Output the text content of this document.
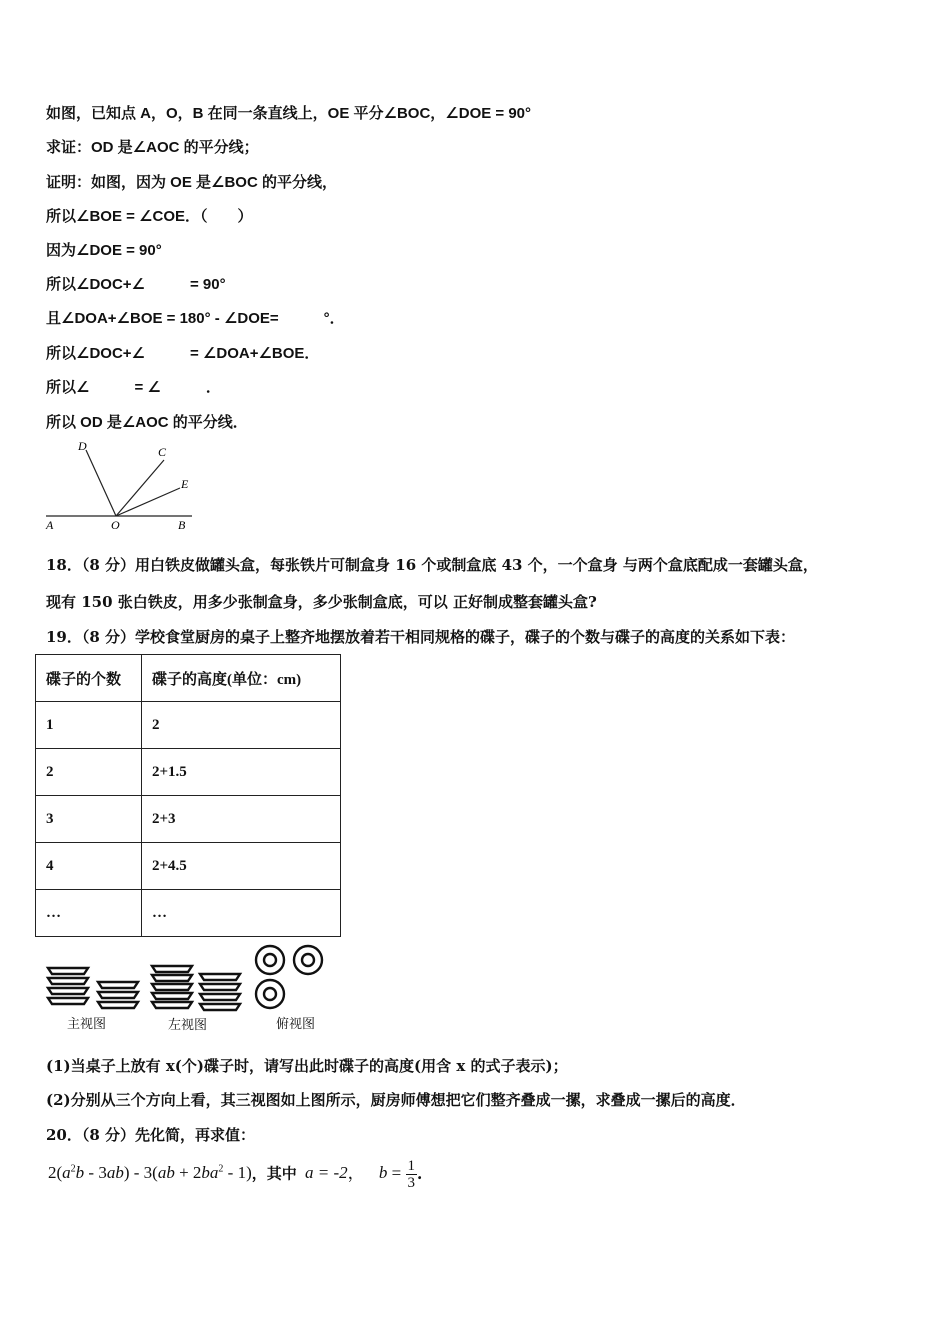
如图，已知点 A，O，B 在同一条直线上，OE 平分∠BOC，∠DOE = 90°
求证：OD 是∠AOC 的平分线；
证明：如图，因为 OE 是∠BOC 的平分线，
所以∠BOE = ∠COE．（　　）
因为∠DOE = 90°
所以∠DOC+∠　　　= 90°
且∠DOA+∠BOE = 180° - ∠DOE=　　　°．
所以∠DOC+∠　　　= ∠DOA+∠BOE．
所以∠　　　= ∠　　　．
所以 OD 是∠AOC 的平分线．
D	C
E
A	O	B
18．（8 分）用白铁皮做罐头盒，每张铁片可制盒身 16 个或制盒底 43 个，一个盒身 与两个盒底配成一套罐头盒，
现有 150 张白铁皮，用多少张制盒身，多少张制盒底，可以 正好制成整套罐头盒?
19．（8 分）学校食堂厨房的桌子上整齐地摆放着若干相同规格的碟子，碟子的个数与碟子的高度的关系如下表：
碟子的个数	碟子的高度(单位：cm)
1	2
2	2+1.5
3	2+3
4	2+4.5
…	…
主视图	左视图	俯视图
(1)当桌子上放有 x(个)碟子时，请写出此时碟子的高度(用含 x 的式子表示)；
(2)分别从三个方向上看，其三视图如上图所示，厨房师傅想把它们整齐叠成一摞，求叠成一摞后的高度．
20．（8 分）先化简，再求值：
$2(a^2b - 3ab) - 3(ab + 2ba^2 - 1)$，其中 a = -2， $b = \frac{1}{3}$ ．
